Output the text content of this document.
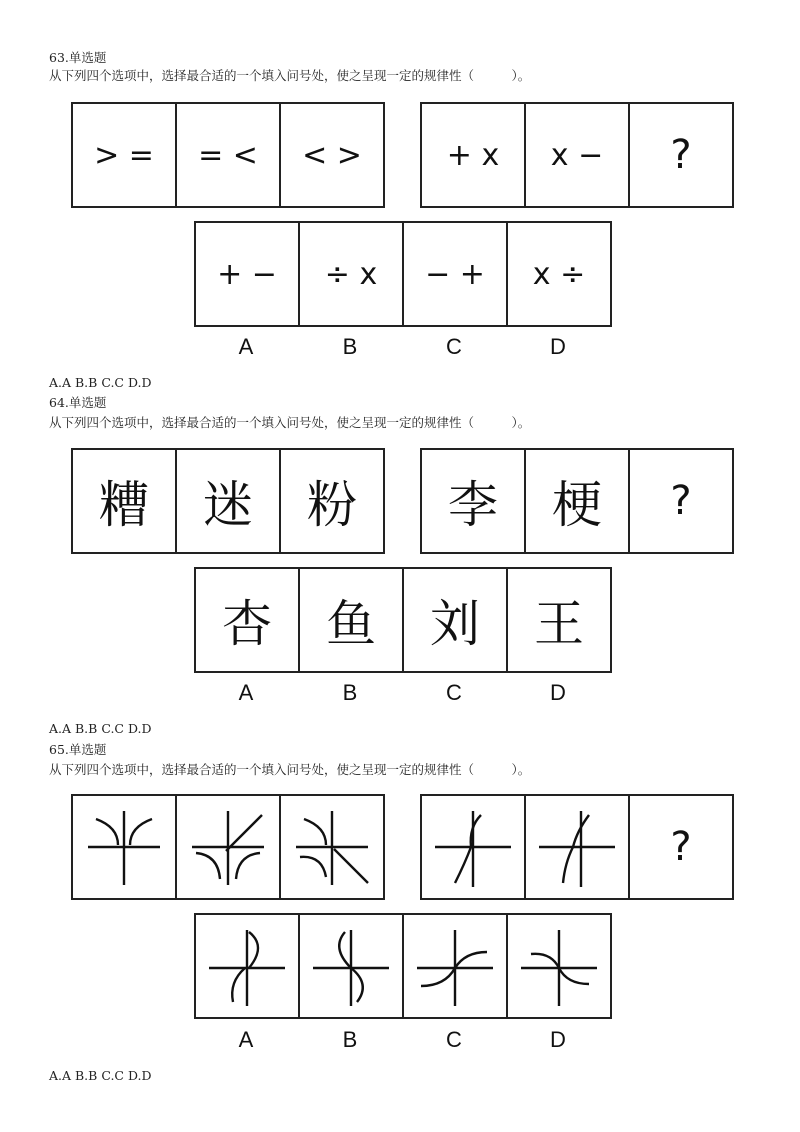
63.单选题
从下列四个选项中，选择最合适的一个填入问号处，使之呈现一定的规律性（　　　）。
> = = < < >	+ x x − ?
+ − ÷ x − + x ÷
A	B	C	D
A.A B.B C.C D.D
64.单选题
从下列四个选项中，选择最合适的一个填入问号处，使之呈现一定的规律性（　　　）。
糟 迷 粉 李 梗 ?
杏 鱼 刘 王
A	B	C	D
A.A B.B C.C D.D
65.单选题
从下列四个选项中，选择最合适的一个填入问号处，使之呈现一定的规律性（　　　）。
?
A	B	C	D
A.A B.B C.C D.D
